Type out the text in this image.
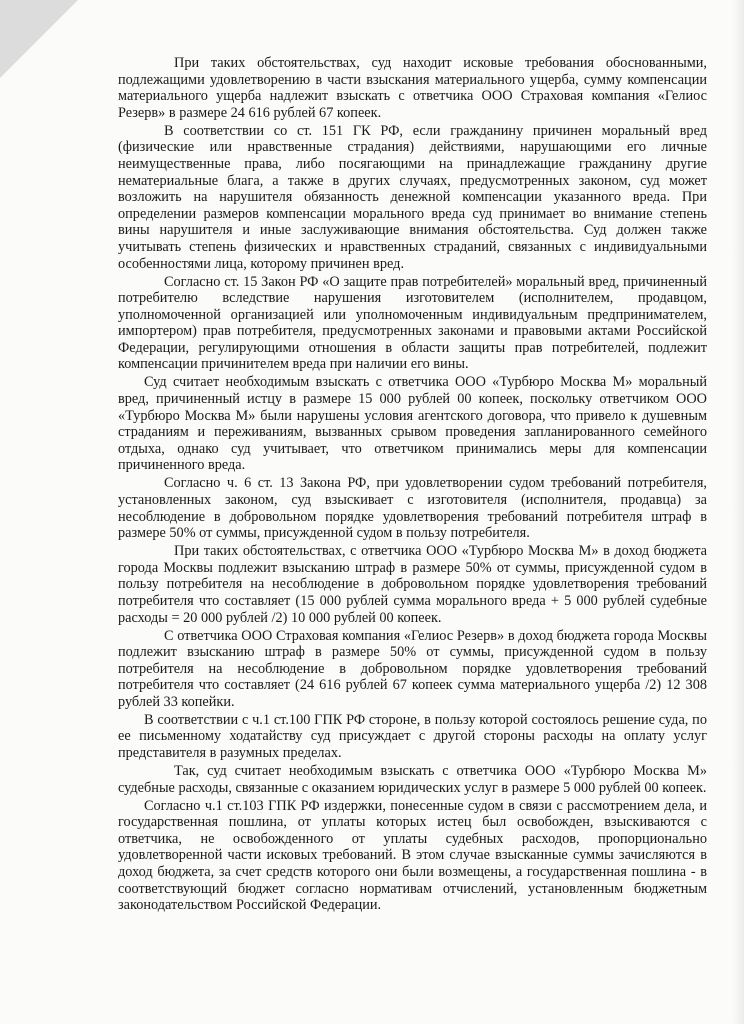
При таких обстоятельствах, суд находит исковые требования обоснованными, подлежащими удовлетворению в части взыскания материального ущерба, сумму компенсации материального ущерба надлежит взыскать с ответчика ООО Страховая компания «Гелиос Резерв» в размере 24 616 рублей 67 копеек.

В соответствии со ст. 151 ГК РФ, если гражданину причинен моральный вред (физические или нравственные страдания) действиями, нарушающими его личные неимущественные права, либо посягающими на принадлежащие гражданину другие нематериальные блага, а также в других случаях, предусмотренных законом, суд может возложить на нарушителя обязанность денежной компенсации указанного вреда. При определении размеров компенсации морального вреда суд принимает во внимание степень вины нарушителя и иные заслуживающие внимания обстоятельства. Суд должен также учитывать степень физических и нравственных страданий, связанных с индивидуальными особенностями лица, которому причинен вред.

Согласно ст. 15 Закон РФ «О защите прав потребителей» моральный вред, причиненный потребителю вследствие нарушения изготовителем (исполнителем, продавцом, уполномоченной организацией или уполномоченным индивидуальным предпринимателем, импортером) прав потребителя, предусмотренных законами и правовыми актами Российской Федерации, регулирующими отношения в области защиты прав потребителей, подлежит компенсации причинителем вреда при наличии его вины.

Суд считает необходимым взыскать с ответчика ООО «Турбюро Москва М» моральный вред, причиненный истцу в размере 15 000 рублей 00 копеек, поскольку ответчиком ООО «Турбюро Москва М» были нарушены условия агентского договора, что привело к душевным страданиям и переживаниям, вызванных срывом проведения запланированного семейного отдыха, однако суд учитывает, что ответчиком принимались меры для компенсации причиненного вреда.

Согласно ч. 6 ст. 13 Закона РФ, при удовлетворении судом требований потребителя, установленных законом, суд взыскивает с изготовителя (исполнителя, продавца) за несоблюдение в добровольном порядке удовлетворения требований потребителя штраф в размере 50% от суммы, присужденной судом в пользу потребителя.

При таких обстоятельствах, с ответчика ООО «Турбюро Москва М» в доход бюджета города Москвы подлежит взысканию штраф в размере 50% от суммы, присужденной судом в пользу потребителя на несоблюдение в добровольном порядке удовлетворения требований потребителя что составляет (15 000 рублей сумма морального вреда + 5 000 рублей судебные расходы = 20 000 рублей /2) 10 000 рублей 00 копеек.

С ответчика ООО Страховая компания «Гелиос Резерв» в доход бюджета города Москвы подлежит взысканию штраф в размере 50% от суммы, присужденной судом в пользу потребителя на несоблюдение в добровольном порядке удовлетворения требований потребителя что составляет (24 616 рублей 67 копеек сумма материального ущерба /2) 12 308 рублей 33 копейки.

В соответствии с ч.1 ст.100 ГПК РФ стороне, в пользу которой состоялось решение суда, по ее письменному ходатайству суд присуждает с другой стороны расходы на оплату услуг представителя в разумных пределах.

Так, суд считает необходимым взыскать с ответчика ООО «Турбюро Москва М» судебные расходы, связанные с оказанием юридических услуг в размере 5 000 рублей 00 копеек.

Согласно ч.1 ст.103 ГПК РФ издержки, понесенные судом в связи с рассмотрением дела, и государственная пошлина, от уплаты которых истец был освобожден, взыскиваются с ответчика, не освобожденного от уплаты судебных расходов, пропорционально удовлетворенной части исковых требований. В этом случае взысканные суммы зачисляются в доход бюджета, за счет средств которого они были возмещены, а государственная пошлина - в соответствующий бюджет согласно нормативам отчислений, установленным бюджетным законодательством Российской Федерации.
